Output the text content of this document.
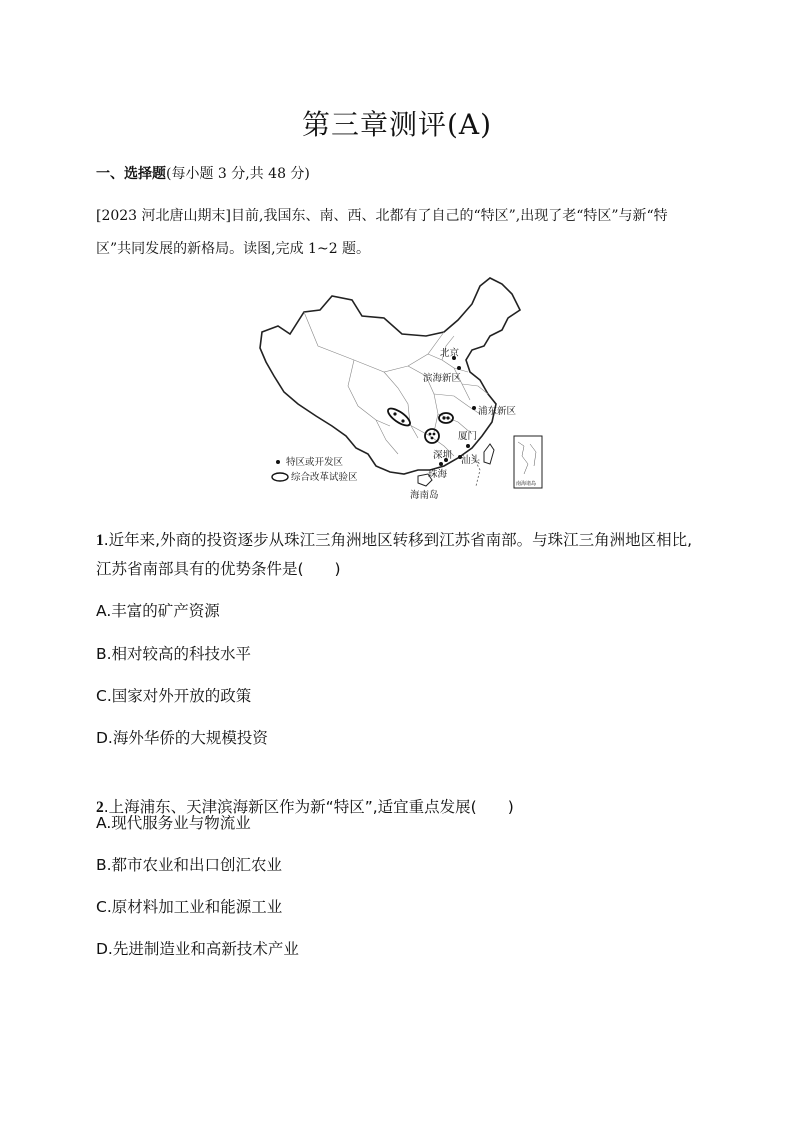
第三章测评(A)
一、选择题(每小题 3 分,共 48 分)
[2023 河北唐山期末]目前,我国东、南、西、北都有了自己的“特区”,出现了老“特区”与新“特区”共同发展的新格局。读图,完成 1~2 题。
南海诸岛
北京
滨海新区
浦东新区
厦门
深圳 汕头
珠海
海南岛
特区或开发区
综合改革试验区
1.近年来,外商的投资逐步从珠江三角洲地区转移到江苏省南部。与珠江三角洲地区相比,江苏省南部具有的优势条件是(　　)
A.丰富的矿产资源
B.相对较高的科技水平
C.国家对外开放的政策
D.海外华侨的大规模投资
2.上海浦东、天津滨海新区作为新“特区”,适宜重点发展(　　)
A.现代服务业与物流业
B.都市农业和出口创汇农业
C.原材料加工业和能源工业
D.先进制造业和高新技术产业
